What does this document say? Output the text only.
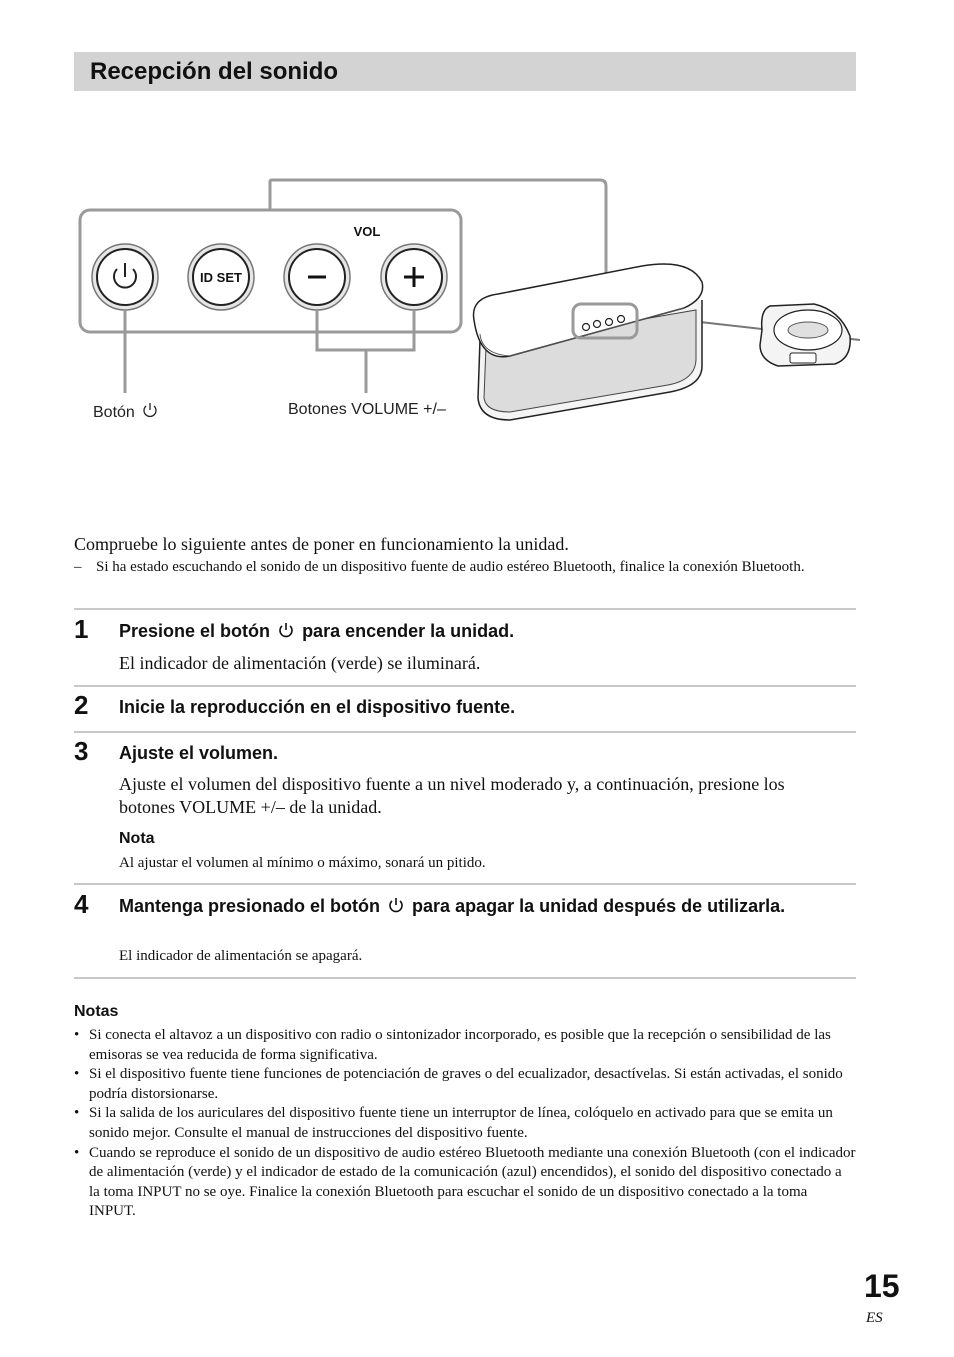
Recepción del sonido
ID SET
VOL
Botón	Botones VOLUME +/–
Compruebe lo siguiente antes de poner en funcionamiento la unidad.
– Si ha estado escuchando el sonido de un dispositivo fuente de audio estéreo Bluetooth, finalice la conexión Bluetooth.
1 Presione el botón para encender la unidad.
El indicador de alimentación (verde) se iluminará.
2 Inicie la reproducción en el dispositivo fuente.
3 Ajuste el volumen.
Ajuste el volumen del dispositivo fuente a un nivel moderado y, a continuación, presione los botones VOLUME +/– de la unidad.
Nota
Al ajustar el volumen al mínimo o máximo, sonará un pitido.
4 Mantenga presionado el botón para apagar la unidad después de utilizarla.
El indicador de alimentación se apagará.
Notas
• Si conecta el altavoz a un dispositivo con radio o sintonizador incorporado, es posible que la recepción o sensibilidad de las emisoras se vea reducida de forma significativa.
• Si el dispositivo fuente tiene funciones de potenciación de graves o del ecualizador, desactívelas. Si están activadas, el sonido podría distorsionarse.
• Si la salida de los auriculares del dispositivo fuente tiene un interruptor de línea, colóquelo en activado para que se emita un sonido mejor. Consulte el manual de instrucciones del dispositivo fuente.
• Cuando se reproduce el sonido de un dispositivo de audio estéreo Bluetooth mediante una conexión Bluetooth (con el indicador de alimentación (verde) y el indicador de estado de la comunicación (azul) encendidos), el sonido del dispositivo conectado a la toma INPUT no se oye. Finalice la conexión Bluetooth para escuchar el sonido de un dispositivo conectado a la toma INPUT.
15
ES
